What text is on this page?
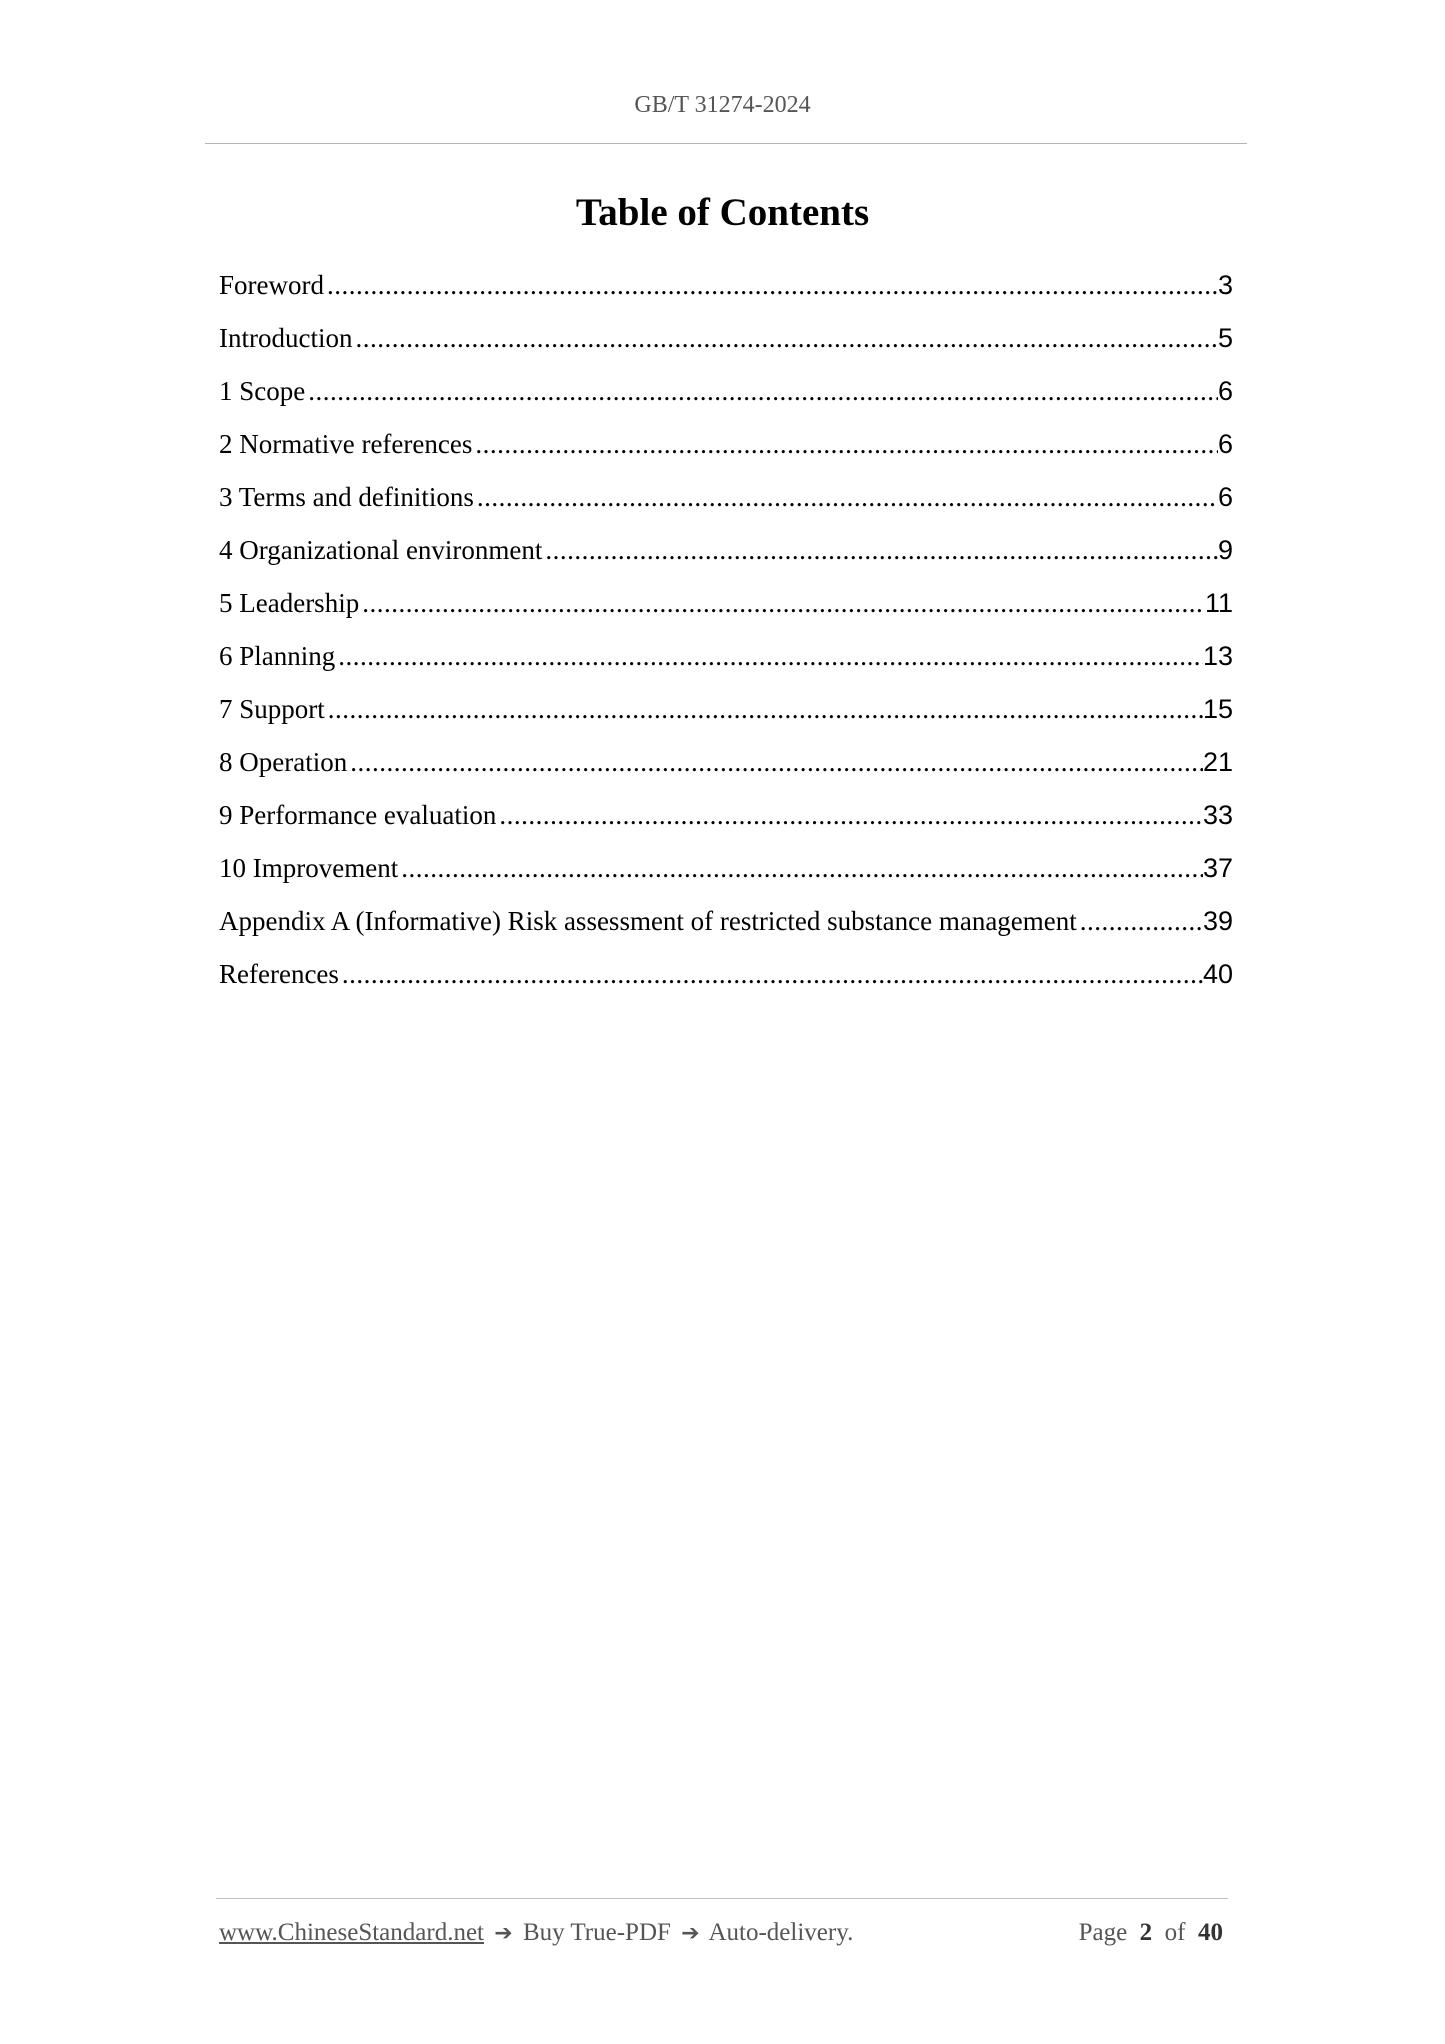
GB/T 31274-2024
Table of Contents
Foreword .....	3
Introduction .....	5
1 Scope .....	6
2 Normative references .....	6
3 Terms and definitions .....	6
4 Organizational environment .....	9
5 Leadership .....	11
6 Planning .....	13
7 Support .....	15
8 Operation .....	21
9 Performance evaluation .....	33
10 Improvement .....	37
Appendix A (Informative) Risk assessment of restricted substance management .....	39
References .....	40
www.ChineseStandard.net ➔ Buy True-PDF ➔ Auto-delivery.	Page 2 of 40
